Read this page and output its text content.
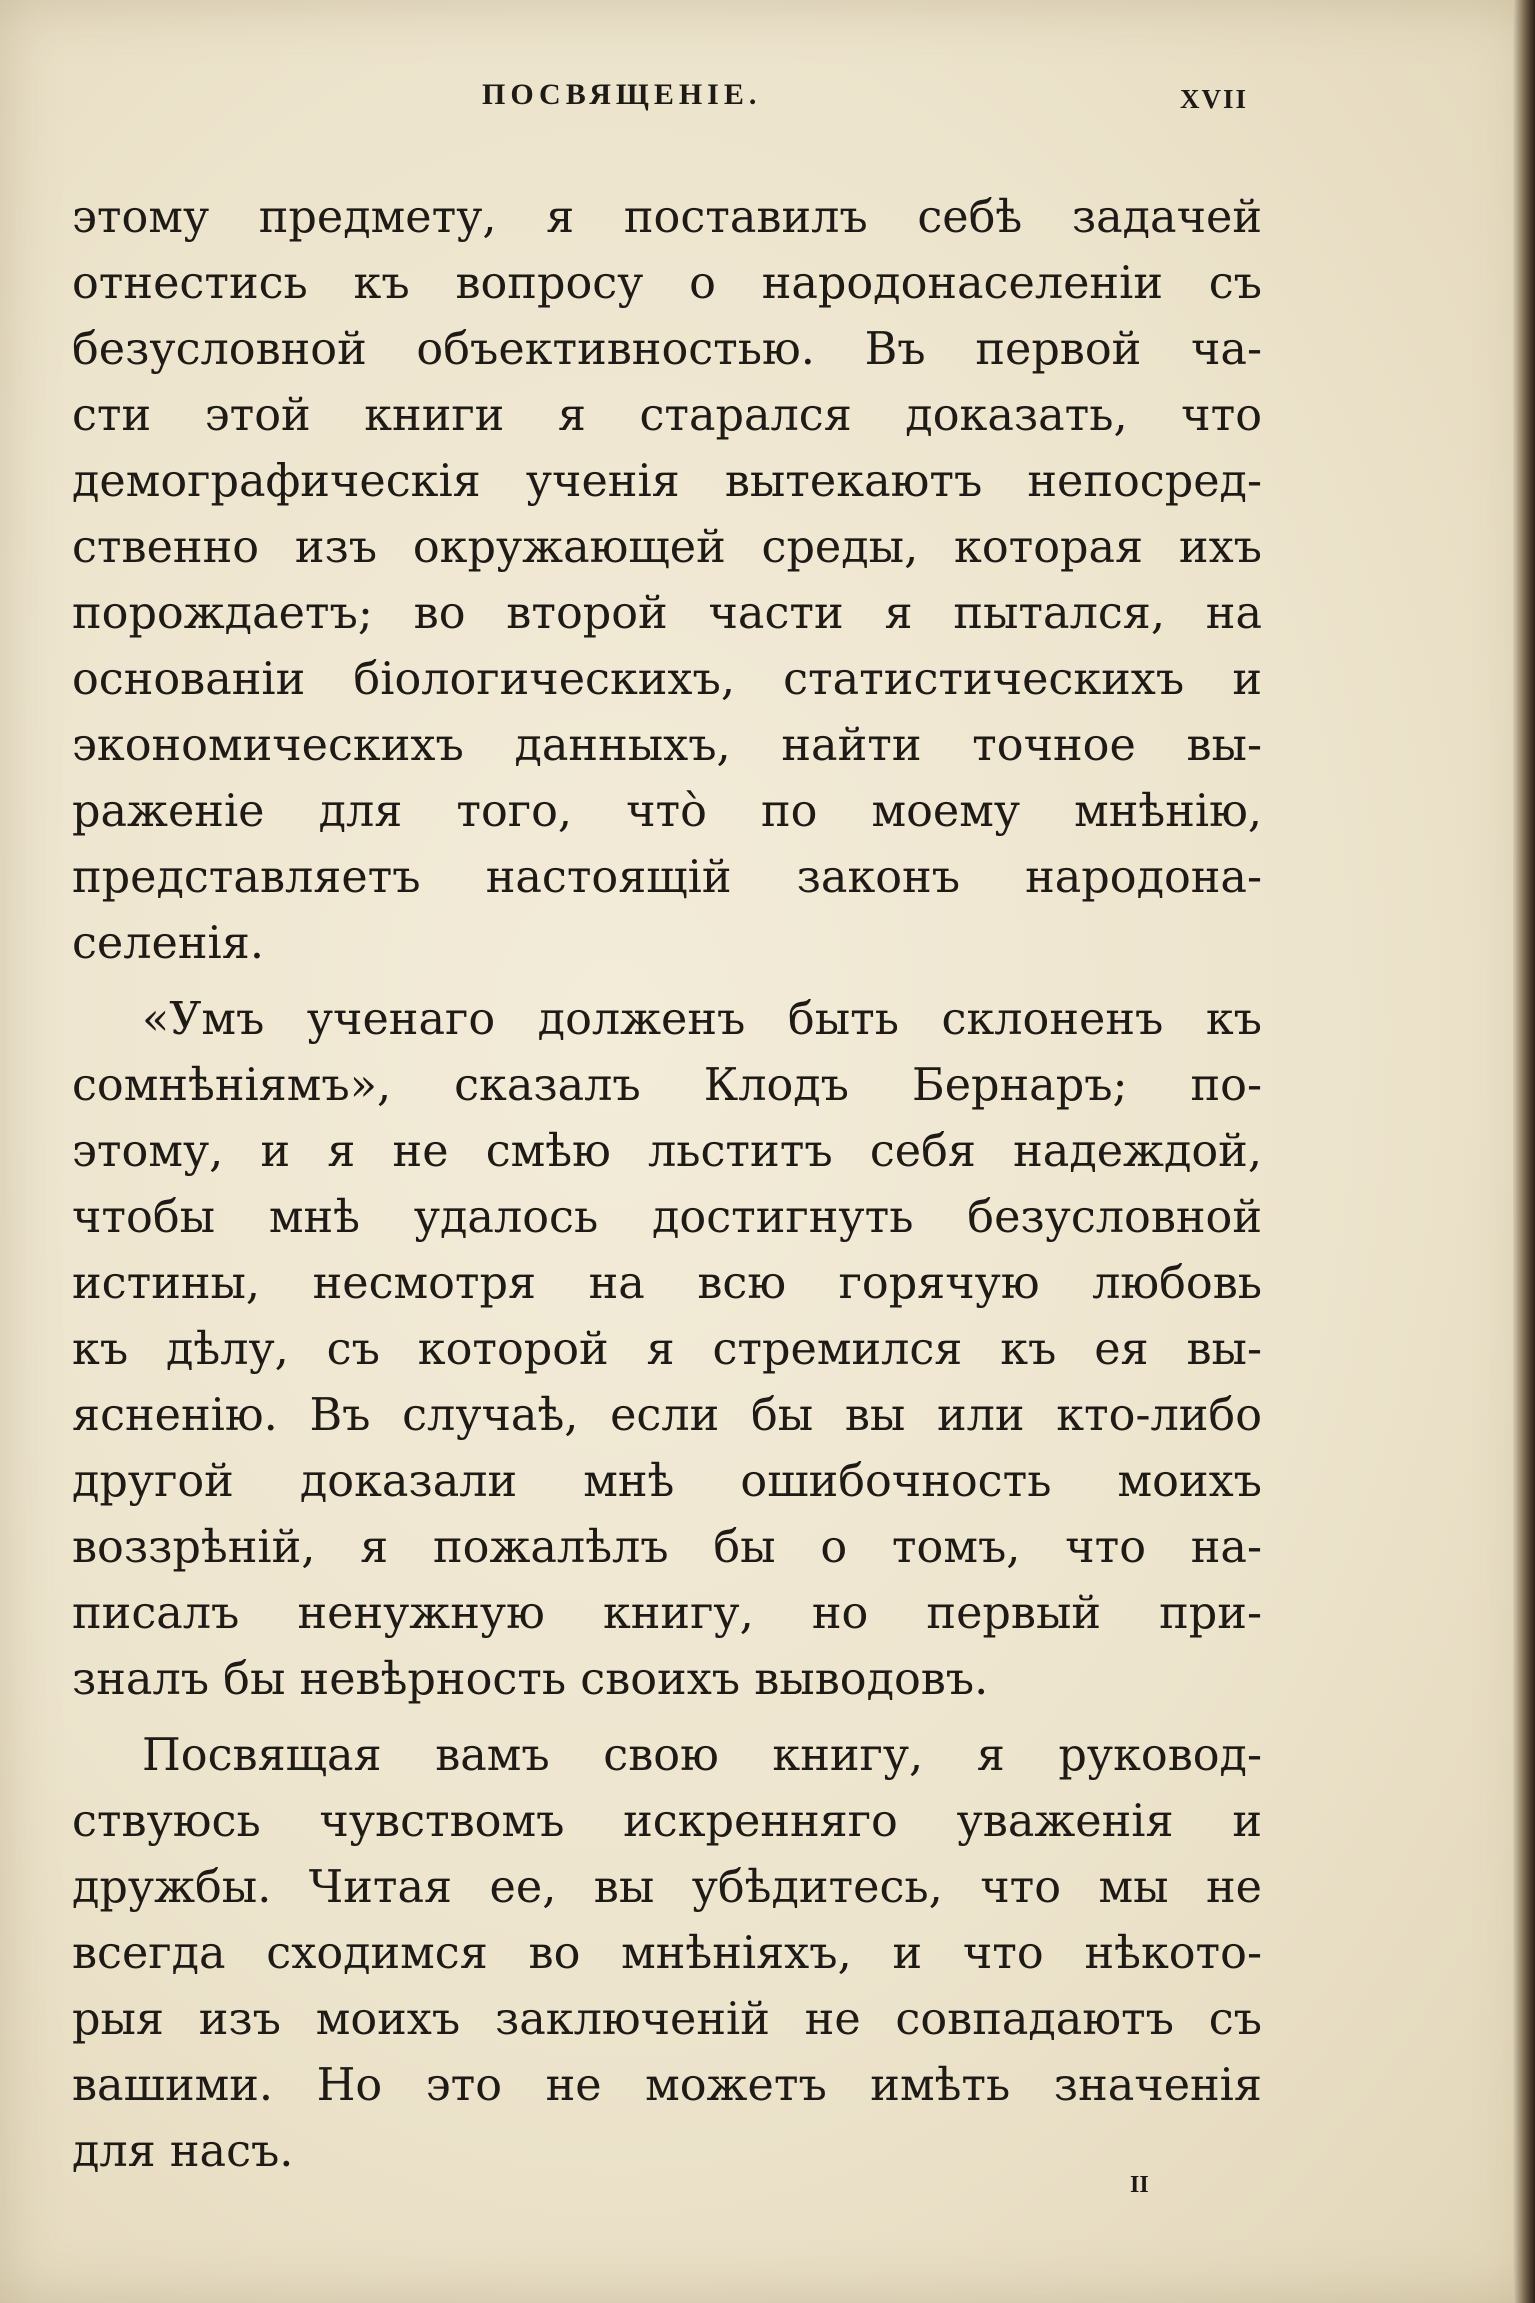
ПОСВЯЩЕНІЕ.	XVII

этому предмету, я поставилъ себѣ задачей
отнестись къ вопросу о народонаселеніи съ
безусловной объективностью. Въ первой ча-
сти этой книги я старался доказать, что
демографическія ученія вытекаютъ непосред-
ственно изъ окружающей среды, которая ихъ
порождаетъ; во второй части я пытался, на
основаніи біологическихъ, статистическихъ и
экономическихъ данныхъ, найти точное вы-
раженіе для того, что̀ по моему мнѣнію,
представляетъ настоящій законъ народона-
селенія.

«Умъ ученаго долженъ быть склоненъ къ
сомнѣніямъ», сказалъ Клодъ Бернаръ; по-
этому, и я не смѣю льститъ себя надеждой,
чтобы мнѣ удалось достигнуть безусловной
истины, несмотря на всю горячую любовь
къ дѣлу, съ которой я стремился къ ея вы-
ясненію. Въ случаѣ, если бы вы или кто-либо
другой доказали мнѣ ошибочность моихъ
воззрѣній, я пожалѣлъ бы о томъ, что на-
писалъ ненужную книгу, но первый при-
зналъ бы невѣрность своихъ выводовъ.

Посвящая вамъ свою книгу, я руковод-
ствуюсь чувствомъ искренняго уваженія и
дружбы. Читая ее, вы убѣдитесь, что мы не
всегда сходимся во мнѣніяхъ, и что нѣкото-
рыя изъ моихъ заключеній не совпадаютъ съ
вашими. Но это не можетъ имѣть значенія
для насъ.

II
